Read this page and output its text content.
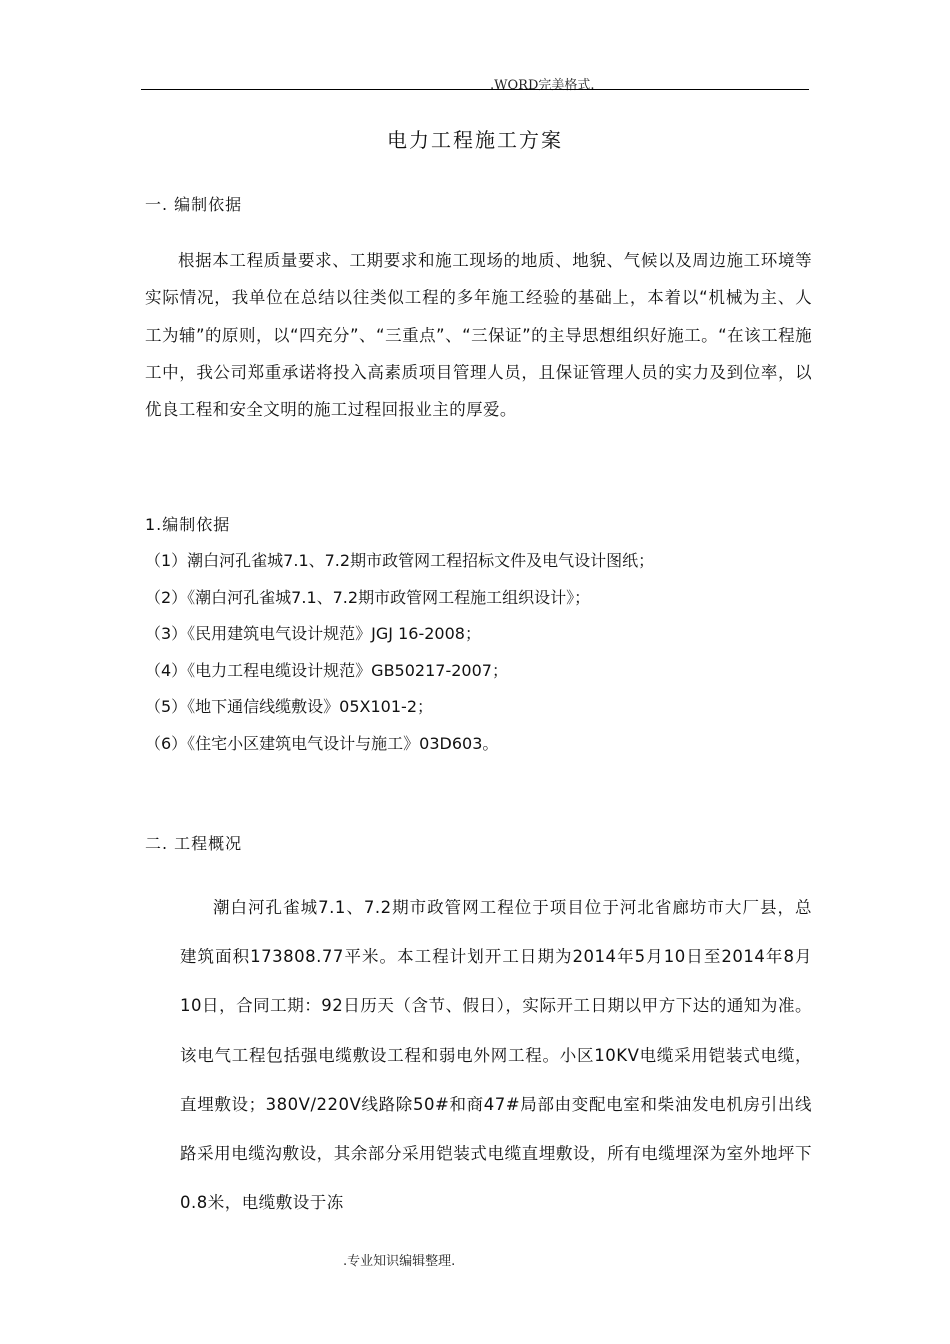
.WORD完美格式.
电力工程施工方案
一. 编制依据

根据本工程质量要求、工期要求和施工现场的地质、地貌、气候以及周边施工环境等实际情况，我单位在总结以往类似工程的多年施工经验的基础上，本着以“机械为主、人工为辅”的原则，以“四充分”、“三重点”、“三保证”的主导思想组织好施工。“在该工程施工中，我公司郑重承诺将投入高素质项目管理人员，且保证管理人员的实力及到位率，以优良工程和安全文明的施工过程回报业主的厚爱。

1.编制依据
（1）潮白河孔雀城7.1、7.2期市政管网工程招标文件及电气设计图纸；
（2）《潮白河孔雀城7.1、7.2期市政管网工程施工组织设计》；
（3）《民用建筑电气设计规范》JGJ 16-2008；
（4）《电力工程电缆设计规范》GB50217-2007；
（5）《地下通信线缆敷设》05X101-2；
（6）《住宅小区建筑电气设计与施工》03D603。
二. 工程概况

潮白河孔雀城7.1、7.2期市政管网工程位于项目位于河北省廊坊市大厂县，总建筑面积173808.77平米。本工程计划开工日期为2014年5月10日至2014年8月10日，合同工期：92日历天（含节、假日），实际开工日期以甲方下达的通知为准。该电气工程包括强电缆敷设工程和弱电外网工程。小区10KV电缆采用铠装式电缆，直埋敷设；380V/220V线路除50#和商47#局部由变配电室和柴油发电机房引出线路采用电缆沟敷设，其余部分采用铠装式电缆直埋敷设，所有电缆埋深为室外地坪下0.8米，电缆敷设于冻

.专业知识编辑整理.
